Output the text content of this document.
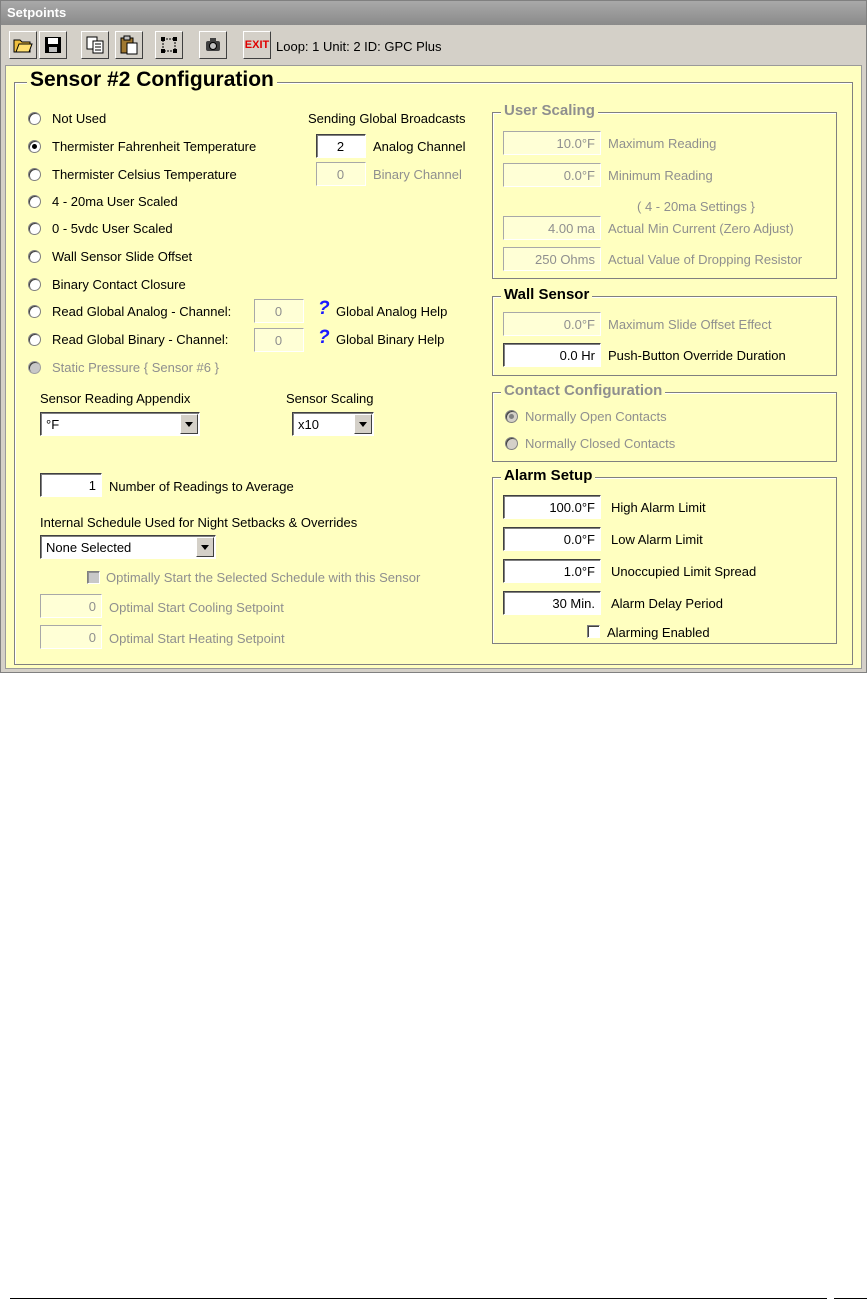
Setpoints
EXIT Loop: 1 Unit: 2 ID: GPC Plus
Sensor #2 Configuration
Not Used
Thermister Fahrenheit Temperature
Thermister Celsius Temperature
4 - 20ma User Scaled
0 - 5vdc User Scaled
Wall Sensor Slide Offset
Binary Contact Closure
Read Global Analog - Channel:	0	? Global Analog Help
Read Global Binary - Channel:	0	? Global Binary Help
Static Pressure { Sensor #6 }
Sending Global Broadcasts
2	Analog Channel
0	Binary Channel
Sensor Reading Appendix
°F
Sensor Scaling
x10
1	Number of Readings to Average
Internal Schedule Used for Night Setbacks & Overrides
None Selected
Optimally Start the Selected Schedule with this Sensor
0	Optimal Start Cooling Setpoint
0	Optimal Start Heating Setpoint
User Scaling
10.0°F	Maximum Reading
0.0°F	Minimum Reading
( 4 - 20ma Settings }
4.00 ma	Actual Min Current (Zero Adjust)
250 Ohms	Actual Value of Dropping Resistor
Wall Sensor
0.0°F	Maximum Slide Offset Effect
0.0 Hr	Push-Button Override Duration
Contact Configuration
Normally Open Contacts
Normally Closed Contacts
Alarm Setup
100.0°F	High Alarm Limit
0.0°F	Low Alarm Limit
1.0°F	Unoccupied Limit Spread
30 Min.	Alarm Delay Period
Alarming Enabled
